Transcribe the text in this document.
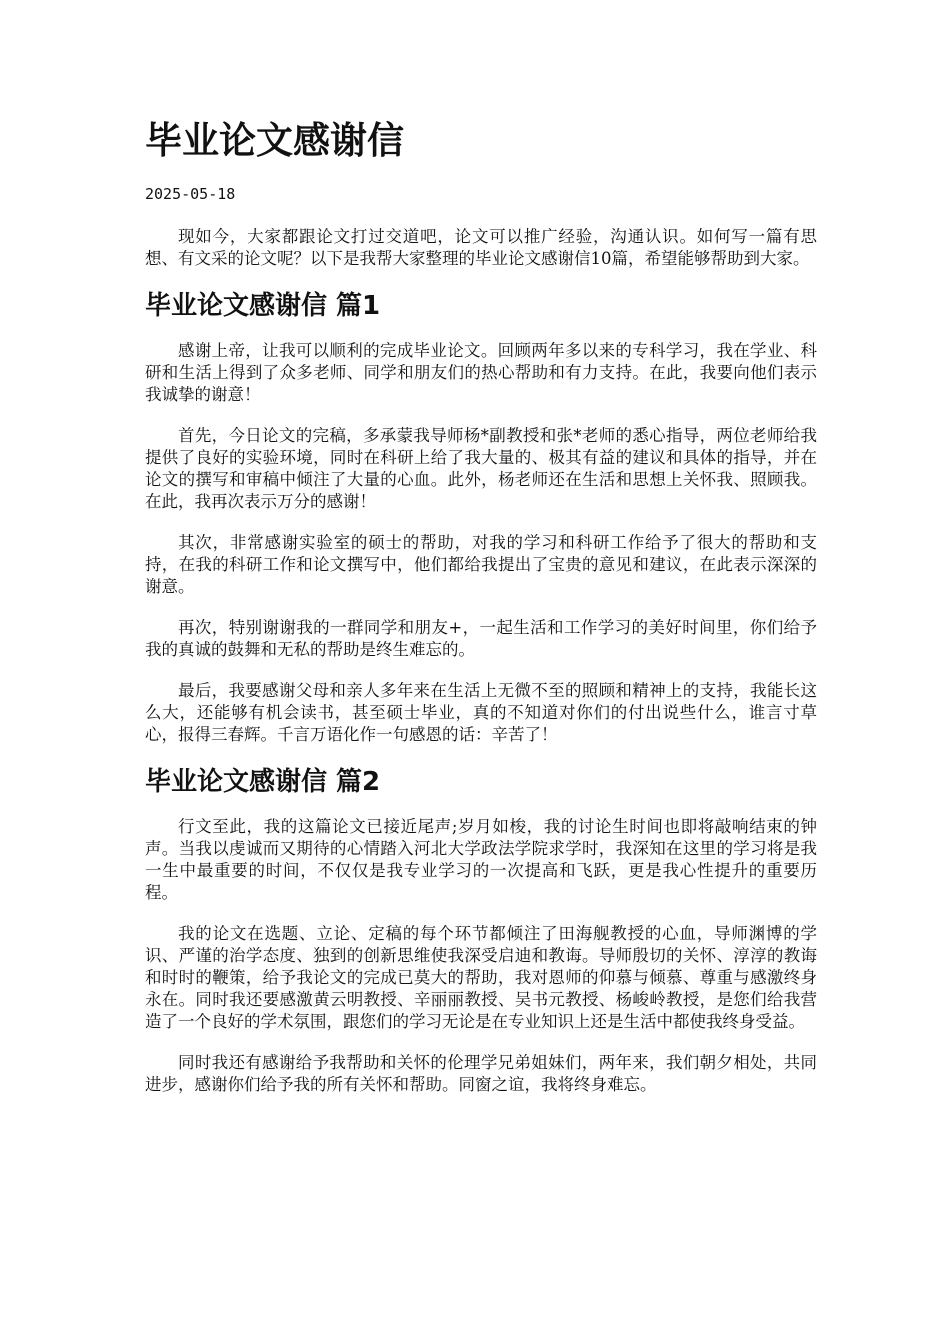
毕业论文感谢信
2025-05-18

现如今，大家都跟论文打过交道吧，论文可以推广经验，沟通认识。如何写一篇有思想、有文采的论文呢？以下是我帮大家整理的毕业论文感谢信10篇，希望能够帮助到大家。

毕业论文感谢信 篇1

感谢上帝，让我可以顺利的完成毕业论文。回顾两年多以来的专科学习，我在学业、科研和生活上得到了众多老师、同学和朋友们的热心帮助和有力支持。在此，我要向他们表示我诚挚的谢意！

首先，今日论文的完稿，多承蒙我导师杨*副教授和张*老师的悉心指导，两位老师给我提供了良好的实验环境，同时在科研上给了我大量的、极其有益的建议和具体的指导，并在论文的撰写和审稿中倾注了大量的心血。此外，杨老师还在生活和思想上关怀我、照顾我。在此，我再次表示万分的感谢！

其次，非常感谢实验室的硕士的帮助，对我的学习和科研工作给予了很大的帮助和支持，在我的科研工作和论文撰写中，他们都给我提出了宝贵的意见和建议，在此表示深深的谢意。

再次，特别谢谢我的一群同学和朋友+，一起生活和工作学习的美好时间里，你们给予我的真诚的鼓舞和无私的帮助是终生难忘的。

最后，我要感谢父母和亲人多年来在生活上无微不至的照顾和精神上的支持，我能长这么大，还能够有机会读书，甚至硕士毕业，真的不知道对你们的付出说些什么，谁言寸草心，报得三春辉。千言万语化作一句感恩的话：辛苦了！

毕业论文感谢信 篇2

行文至此，我的这篇论文已接近尾声;岁月如梭，我的讨论生时间也即将敲响结束的钟声。当我以虔诚而又期待的心情踏入河北大学政法学院求学时，我深知在这里的学习将是我一生中最重要的时间，不仅仅是我专业学习的一次提高和飞跃，更是我心性提升的重要历程。

我的论文在选题、立论、定稿的每个环节都倾注了田海舰教授的心血，导师渊博的学识、严谨的治学态度、独到的创新思维使我深受启迪和教诲。导师殷切的关怀、淳淳的教诲和时时的鞭策，给予我论文的完成已莫大的帮助，我对恩师的仰慕与倾慕、尊重与感激终身永在。同时我还要感激黄云明教授、辛丽丽教授、吴书元教授、杨峻岭教授，是您们给我营造了一个良好的学术氛围，跟您们的学习无论是在专业知识上还是生活中都使我终身受益。

同时我还有感谢给予我帮助和关怀的伦理学兄弟姐妹们，两年来，我们朝夕相处，共同进步，感谢你们给予我的所有关怀和帮助。同窗之谊，我将终身难忘。
